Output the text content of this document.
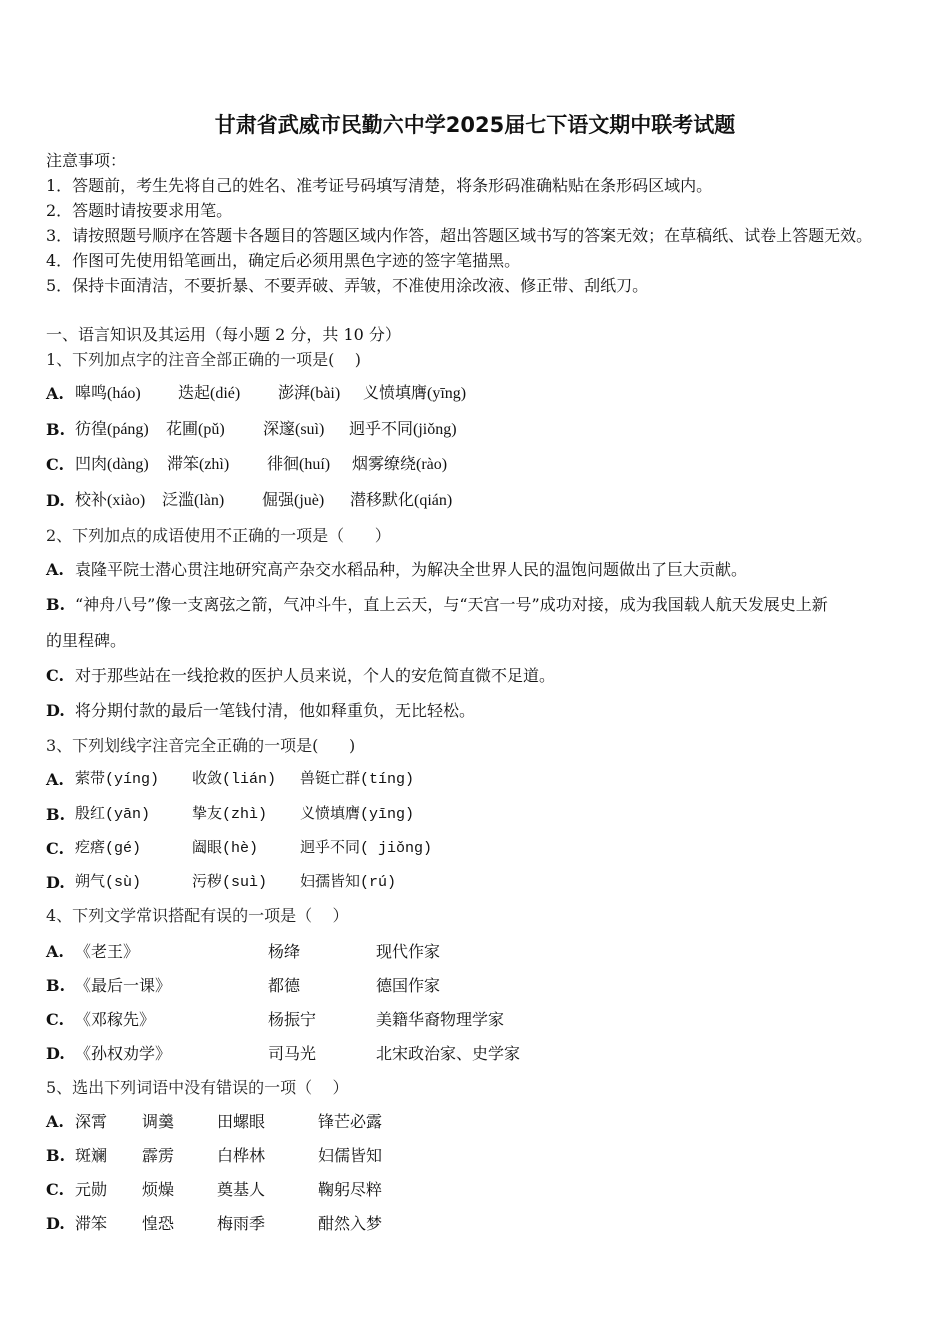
甘肃省武威市民勤六中学2025届七下语文期中联考试题
注意事项：
1．答题前，考生先将自己的姓名、准考证号码填写清楚，将条形码准确粘贴在条形码区域内。
2．答题时请按要求用笔。
3．请按照题号顺序在答题卡各题目的答题区域内作答，超出答题区域书写的答案无效；在草稿纸、试卷上答题无效。
4．作图可先使用铅笔画出，确定后必须用黑色字迹的签字笔描黑。
5．保持卡面清洁，不要折暴、不要弄破、弄皱，不准使用涂改液、修正带、刮纸刀。
一、语言知识及其运用（每小题 2 分，共 10 分）
1、下列加点字的注音全部正确的一项是(    )
A. 嗥鸣(háo) 迭起(dié) 澎湃(bài) 义愤填膺(yīng)
B. 彷徨(páng) 花圃(pǔ) 深邃(suì) 迥乎不同(jiǒng)
C. 凹肉(dàng) 滞笨(zhì) 徘徊(huí) 烟雾缭绕(rào)
D. 校补(xiào) 泛滥(làn) 倔强(juè) 潜移默化(qián)
2、下列加点的成语使用不正确的一项是（      ）
A. 袁隆平院士潜心贯注地研究高产杂交水稻品种，为解决全世界人民的温饱问题做出了巨大贡献。
B. “神舟八号”像一支离弦之箭，气冲斗牛，直上云天，与“天宫一号”成功对接，成为我国载人航天发展史上新
的里程碑。
C. 对于那些站在一线抢救的医护人员来说，个人的安危简直微不足道。
D. 将分期付款的最后一笔钱付清，他如释重负，无比轻松。
3、下列划线字注音完全正确的一项是(      )
A. 萦带(yíng) 收敛(lián) 兽铤亡群(tíng)
B. 殷红(yān)	挚友(zhì) 义愤填膺(yīng)
C. 疙瘩(gé)	阖眼(hè)	迥乎不同( jiǒng)
D. 朔气(sù)	污秽(suì) 妇孺皆知(rú)
4、下列文学常识搭配有误的一项是（    ）
A. 《老王》	杨绛	现代作家
B. 《最后一课》	都德	德国作家
C. 《邓稼先》	杨振宁	美籍华裔物理学家
D. 《孙权劝学》	司马光	北宋政治家、史学家
5、选出下列词语中没有错误的一项（    ）
A. 深霄 调羹	田螺眼	锋芒必露
B. 斑斓 霹雳	白桦林	妇儒皆知
C. 元勋 烦燥	奠基人	鞠躬尽粹
D. 滞笨 惶恐	梅雨季	酣然入梦
